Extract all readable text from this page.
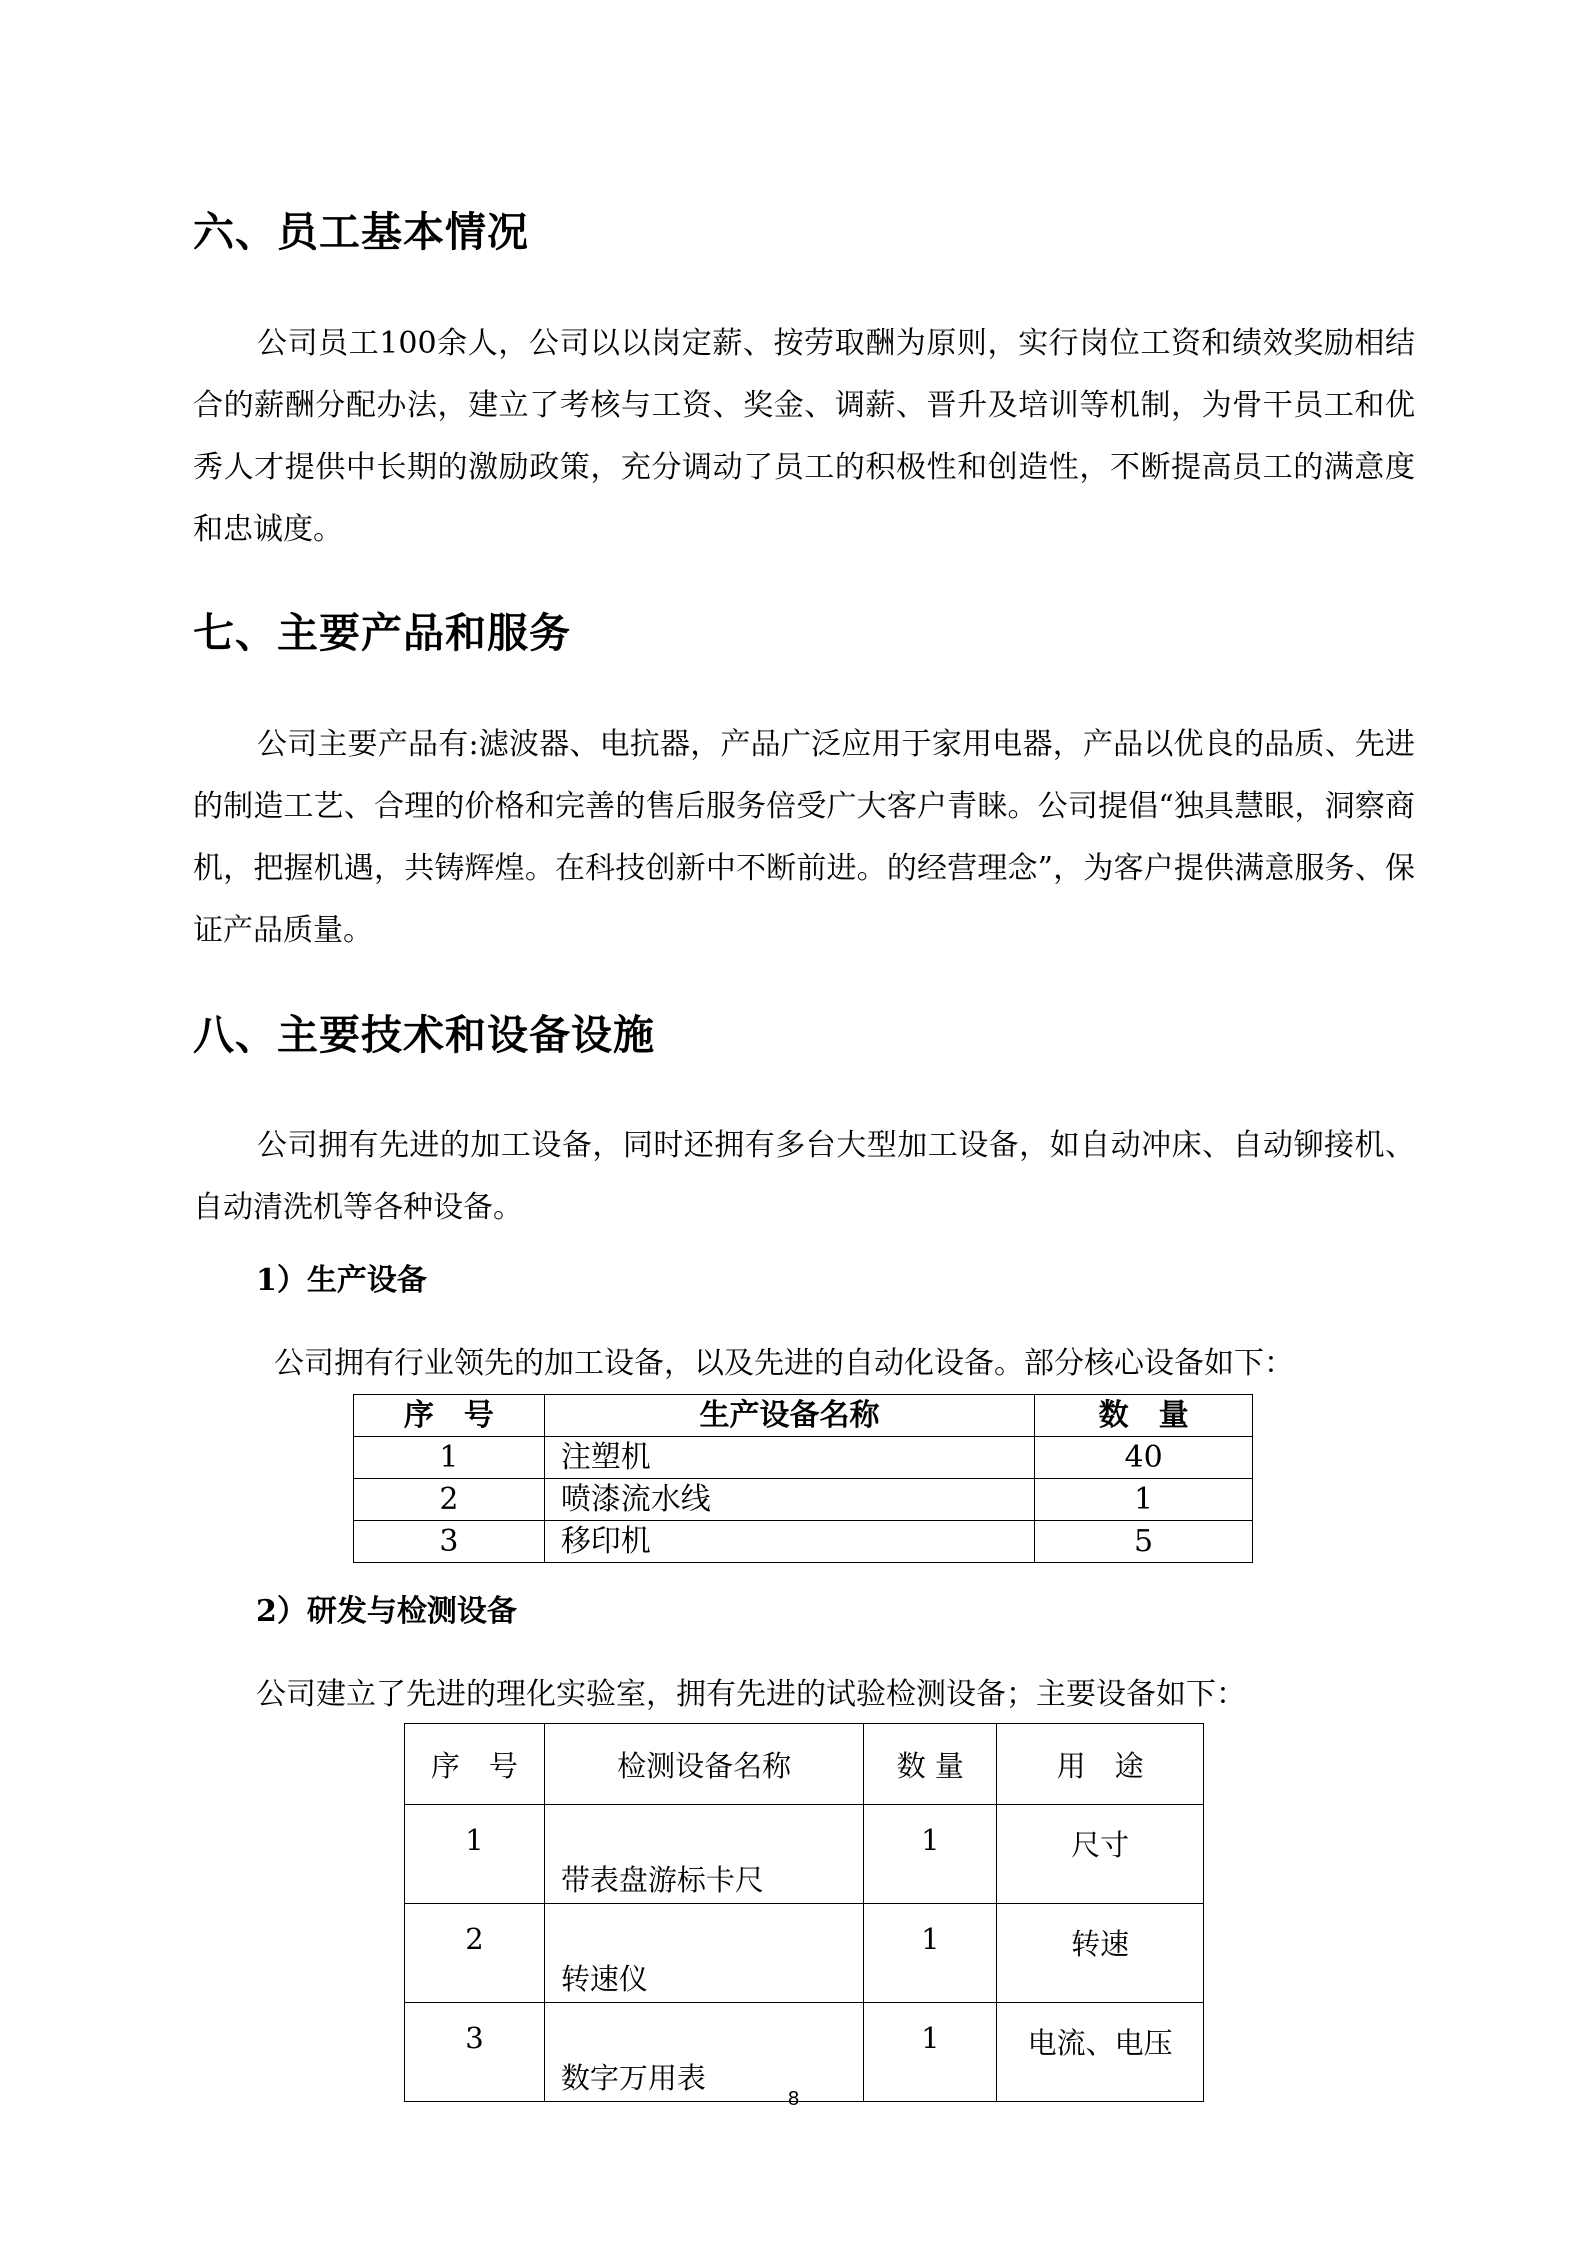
六、员工基本情况

公司员工100余人，公司以以岗定薪、按劳取酬为原则，实行岗位工资和绩效奖励相结合的薪酬分配办法，建立了考核与工资、奖金、调薪、晋升及培训等机制，为骨干员工和优秀人才提供中长期的激励政策，充分调动了员工的积极性和创造性，不断提高员工的满意度和忠诚度。

七、主要产品和服务

公司主要产品有:滤波器、电抗器，产品广泛应用于家用电器，产品以优良的品质、先进的制造工艺、合理的价格和完善的售后服务倍受广大客户青睐。公司提倡“独具慧眼，洞察商机，把握机遇，共铸辉煌。在科技创新中不断前进。的经营理念”，为客户提供满意服务、保证产品质量。

八、主要技术和设备设施

公司拥有先进的加工设备，同时还拥有多台大型加工设备，如自动冲床、自动铆接机、自动清洗机等各种设备。

1）生产设备
公司拥有行业领先的加工设备，以及先进的自动化设备。部分核心设备如下：
序　号	生产设备名称	数　量
1	注塑机	40
2	喷漆流水线	1
3	移印机	5
2）研发与检测设备
公司建立了先进的理化实验室，拥有先进的试验检测设备；主要设备如下：
序　号	检测设备名称	数 量	用　途
1	带表盘游标卡尺	1	尺寸
2	转速仪	1	转速
3	数字万用表	1	电流、电压
8
